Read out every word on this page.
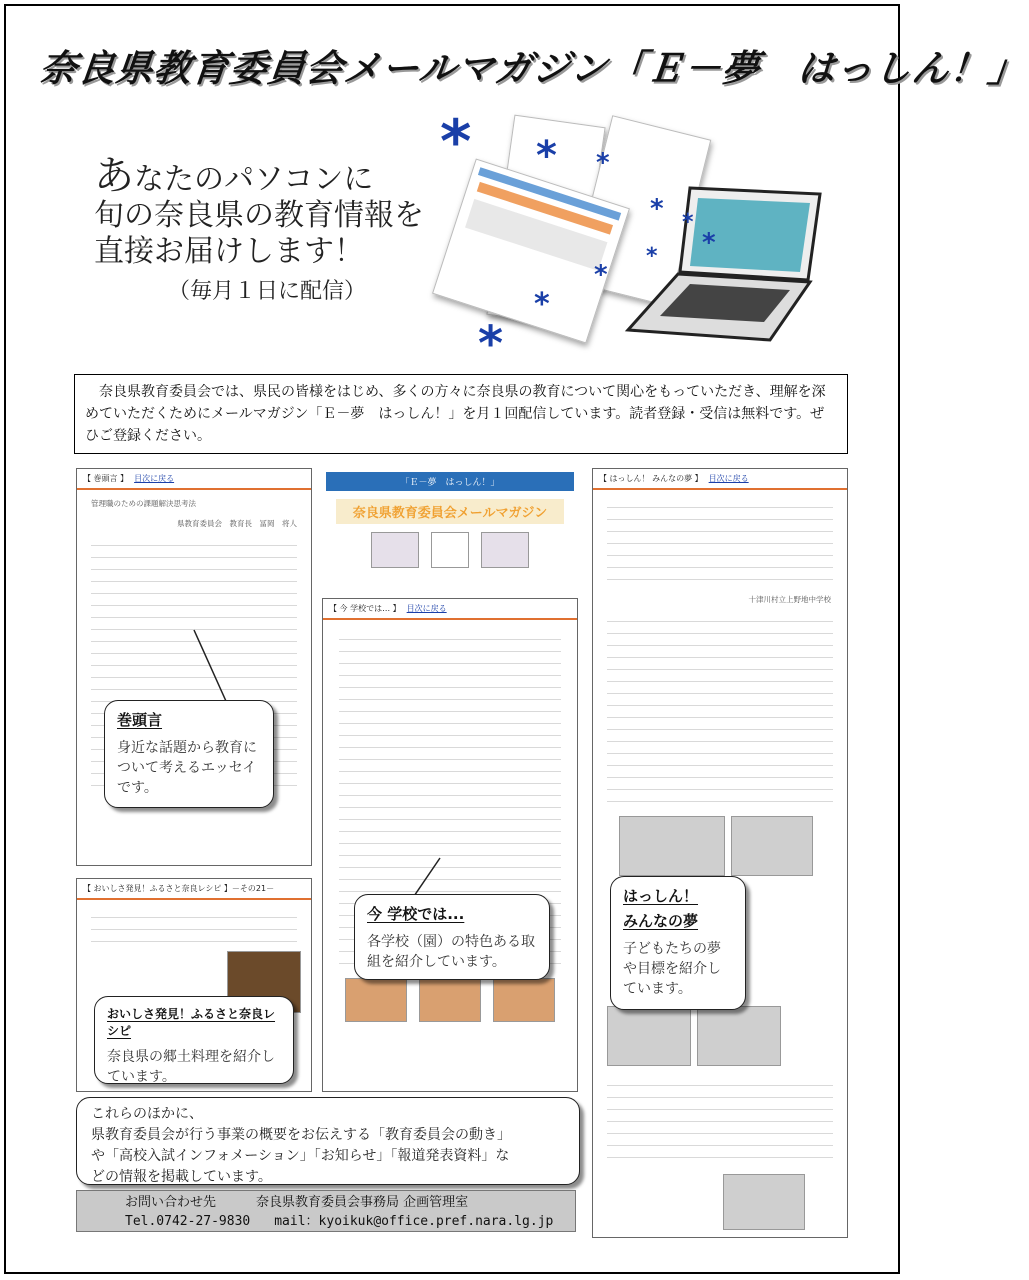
奈良県教育委員会メールマガジン「Ｅ－夢　はっしん！」
あなたのパソコンに
旬の奈良県の教育情報を
直接お届けします！
（毎月１日に配信）
* * *
* *
*
*
*
*
*
　奈良県教育委員会では、県民の皆様をはじめ、多くの方々に奈良県の教育について関心をもっていただき、理解を深めていただくためにメールマガジン「Ｅ－夢　はっしん！」を月１回配信しています。読者登録・受信は無料です。ぜひご登録ください。
【 巻頭言 】 目次に戻る
管理職のための課題解決思考法
県教育委員会　教育長　冨岡　将人
【 おいしさ発見！ふるさと奈良レシピ 】－その21－
「Ｅ－夢　はっしん！」
奈良県教育委員会メールマガジン
【 今 学校では… 】 目次に戻る
【 はっしん！ みんなの夢 】 目次に戻る
十津川村立上野地中学校
巻頭言
身近な話題から教育について考えるエッセイです。
今 学校では...
各学校（園）の特色ある取組を紹介しています。
はっしん！
みんなの夢
子どもたちの夢や目標を紹介しています。
おいしさ発見！ふるさと奈良レシピ
奈良県の郷土料理を紹介しています。
これらのほかに、
県教育委員会が行う事業の概要をお伝えする「教育委員会の動き」
や「高校入試インフォメーション」「お知らせ」「報道発表資料」な
どの情報を掲載しています。
お問い合わせ先	奈良県教育委員会事務局 企画管理室
Tel.0742-27-9830 mail：kyoikuk@office.pref.nara.lg.jp
